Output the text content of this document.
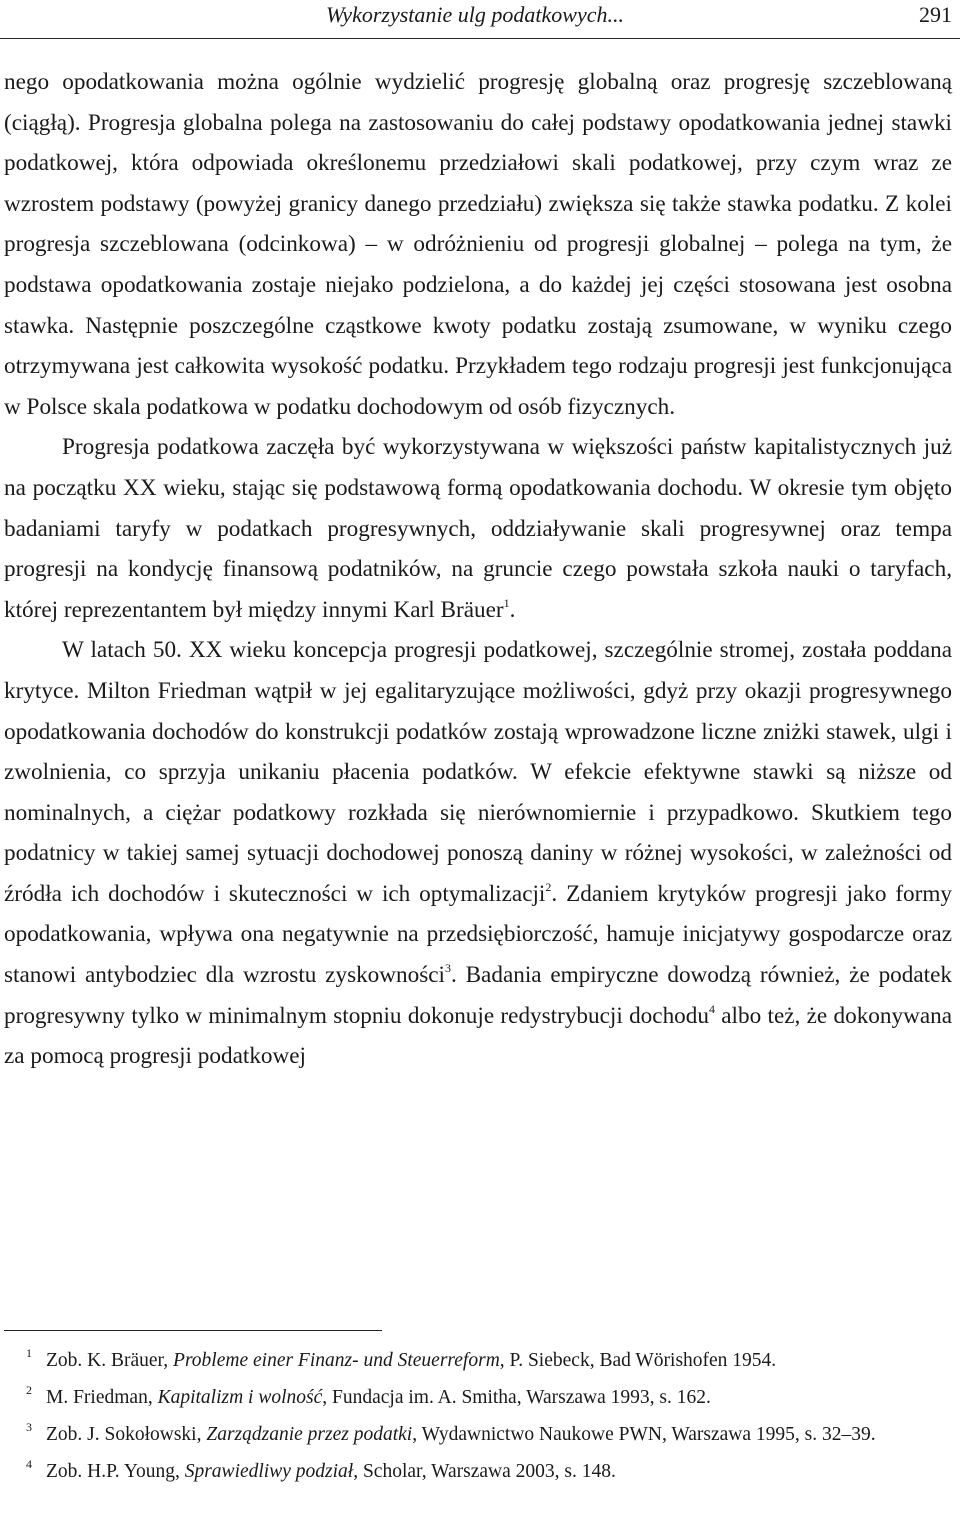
Wykorzystanie ulg podatkowych...	291

nego opodatkowania można ogólnie wydzielić progresję globalną oraz progresję szczeblowaną (ciągłą). Progresja globalna polega na zastosowaniu do całej podstawy opodatkowania jednej stawki podatkowej, która odpowiada określonemu przedziałowi skali podatkowej, przy czym wraz ze wzrostem podstawy (powyżej granicy danego przedziału) zwiększa się także stawka podatku. Z kolei progresja szczeblowana (odcinkowa) – w odróżnieniu od progresji globalnej – polega na tym, że podstawa opodatkowania zostaje niejako podzielona, a do każdej jej części stosowana jest osobna stawka. Następnie poszczególne cząstkowe kwoty podatku zostają zsumowane, w wyniku czego otrzymywana jest całkowita wysokość podatku. Przykładem tego rodzaju progresji jest funkcjonująca w Polsce skala podatkowa w podatku dochodowym od osób fizycznych.

Progresja podatkowa zaczęła być wykorzystywana w większości państw kapitalistycznych już na początku XX wieku, stając się podstawową formą opodatkowania dochodu. W okresie tym objęto badaniami taryfy w podatkach progresywnych, oddziaływanie skali progresywnej oraz tempa progresji na kondycję finansową podatników, na gruncie czego powstała szkoła nauki o taryfach, której reprezentantem był między innymi Karl Bräuer$^1$.

W latach 50. XX wieku koncepcja progresji podatkowej, szczególnie stromej, została poddana krytyce. Milton Friedman wątpił w jej egalitaryzujące możliwości, gdyż przy okazji progresywnego opodatkowania dochodów do konstrukcji podatków zostają wprowadzone liczne zniżki stawek, ulgi i zwolnienia, co sprzyja unikaniu płacenia podatków. W efekcie efektywne stawki są niższe od nominalnych, a ciężar podatkowy rozkłada się nierównomiernie i przypadkowo. Skutkiem tego podatnicy w takiej samej sytuacji dochodowej ponoszą daniny w różnej wysokości, w zależności od źródła ich dochodów i skuteczności w ich optymalizacji$^2$. Zdaniem krytyków progresji jako formy opodatkowania, wpływa ona negatywnie na przedsiębiorczość, hamuje inicjatywy gospodarcze oraz stanowi antybodziec dla wzrostu zyskowności$^3$. Badania empiryczne dowodzą również, że podatek progresywny tylko w minimalnym stopniu dokonuje redystrybucji dochodu$^4$ albo też, że dokonywana za pomocą progresji podatkowej

$^1$ Zob. K. Bräuer, Probleme einer Finanz- und Steuerreform, P. Siebeck, Bad Wörishofen 1954.

$^2$ M. Friedman, Kapitalizm i wolność, Fundacja im. A. Smitha, Warszawa 1993, s. 162.

$^3$ Zob. J. Sokołowski, Zarządzanie przez podatki, Wydawnictwo Naukowe PWN, Warszawa 1995, s. 32–39.

$^4$ Zob. H.P. Young, Sprawiedliwy podział, Scholar, Warszawa 2003, s. 148.
